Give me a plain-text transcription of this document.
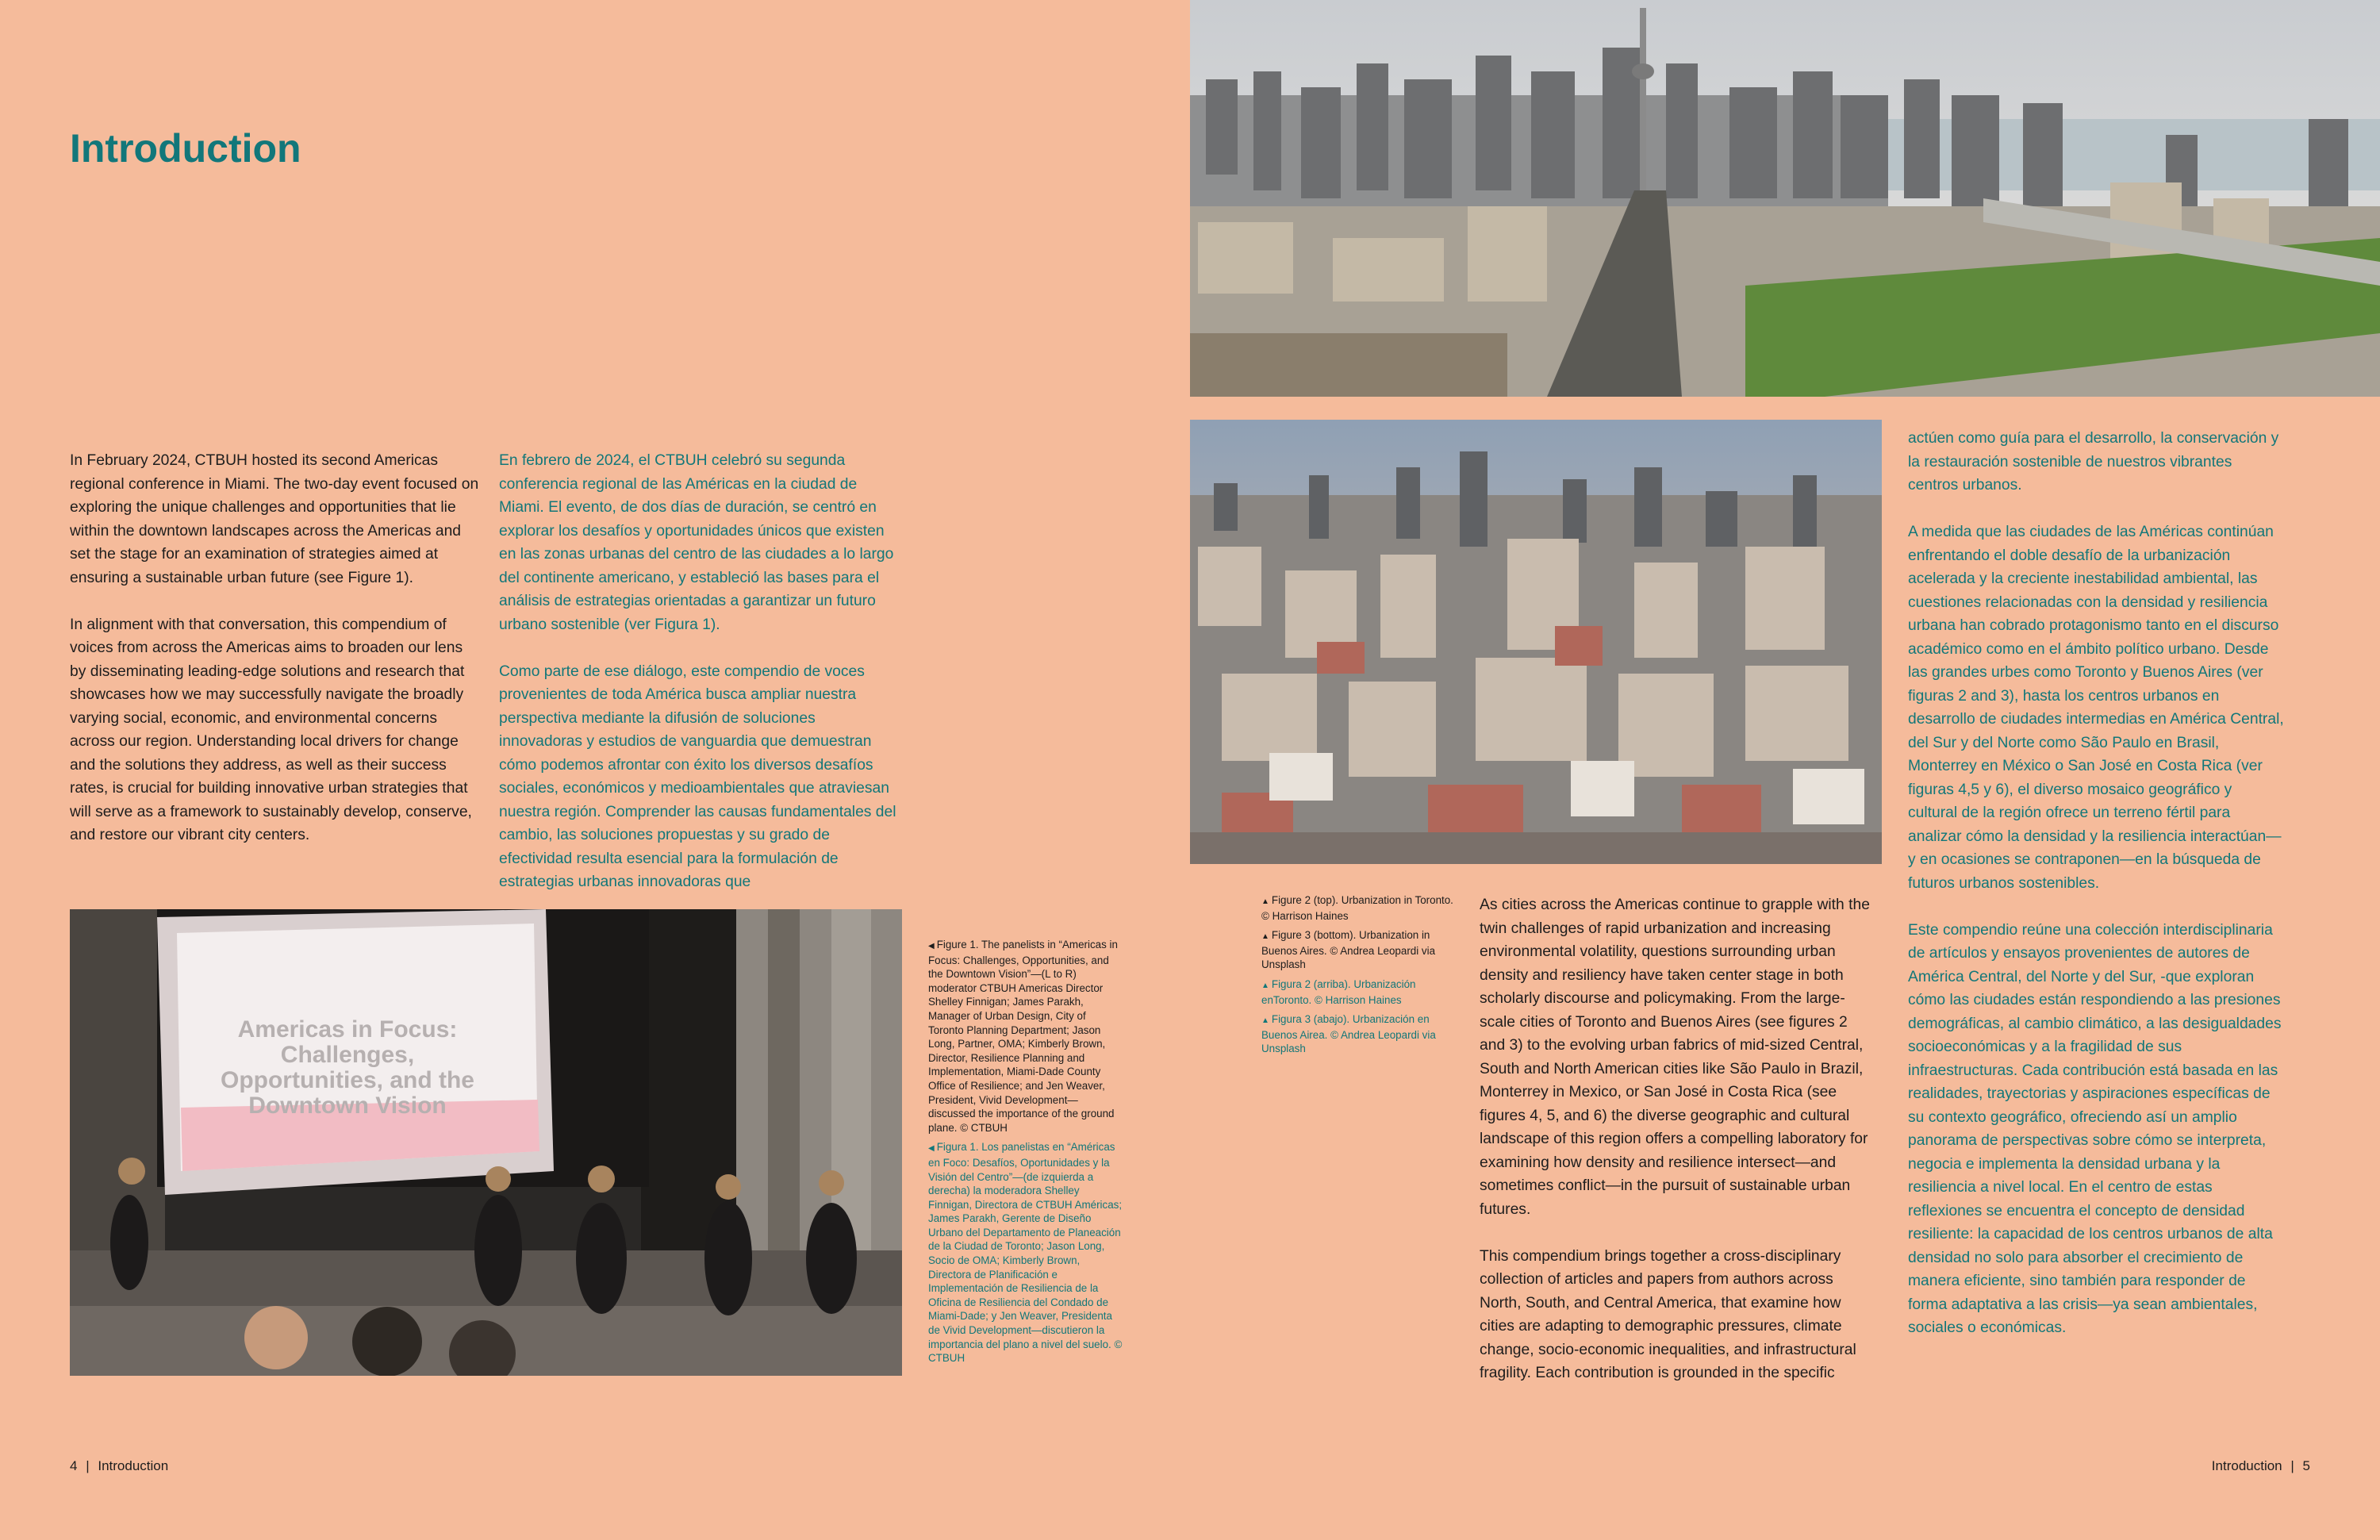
Introduction

In February 2024, CTBUH hosted its second Americas regional conference in Miami. The two-day event focused on exploring the unique challenges and opportunities that lie within the downtown landscapes across the Americas and set the stage for an examination of strategies aimed at ensuring a sustainable urban future (see Figure 1).

In alignment with that conversation, this compendium of voices from across the Americas aims to broaden our lens by disseminating leading-edge solutions and research that showcases how we may successfully navigate the broadly varying social, economic, and environmental concerns across our region. Understanding local drivers for change and the solutions they address, as well as their success rates, is crucial for building innovative urban strategies that will serve as a framework to sustainably develop, conserve, and restore our vibrant city centers.

En febrero de 2024, el CTBUH celebró su segunda conferencia regional de las Américas en la ciudad de Miami. El evento, de dos días de duración, se centró en explorar los desafíos y oportunidades únicos que existen en las zonas urbanas del centro de las ciudades a lo largo del continente americano, y estableció las bases para el análisis de estrategias orientadas a garantizar un futuro urbano sostenible (ver Figura 1).

Como parte de ese diálogo, este compendio de voces provenientes de toda América busca ampliar nuestra perspectiva mediante la difusión de soluciones innovadoras y estudios de vanguardia que demuestran cómo podemos afrontar con éxito los diversos desafíos sociales, económicos y medioambientales que atraviesan nuestra región. Comprender las causas fundamentales del cambio, las soluciones propuestas y su grado de efectividad resulta esencial para la formulación de estrategias urbanas innovadoras que

Americas in Focus: Challenges, Opportunities, and the Downtown Vision

◀ Figure 1. The panelists in “Americas in Focus: Challenges, Opportunities, and the Downtown Vision”—(L to R) moderator CTBUH Americas Director Shelley Finnigan; James Parakh, Manager of Urban Design, City of Toronto Planning Department; Jason Long, Partner, OMA; Kimberly Brown, Director, Resilience Planning and Implementation, Miami-Dade County Office of Resilience; and Jen Weaver, President, Vivid Development—discussed the importance of the ground plane. © CTBUH

◀ Figura 1. Los panelistas en “Américas en Foco: Desafíos, Oportunidades y la Visión del Centro”—(de izquierda a derecha) la moderadora Shelley Finnigan, Directora de CTBUH Américas; James Parakh, Gerente de Diseño Urbano del Departamento de Planeación de la Ciudad de Toronto; Jason Long, Socio de OMA; Kimberly Brown, Directora de Planificación e Implementación de Resiliencia de la Oficina de Resiliencia del Condado de Miami-Dade; y Jen Weaver, Presidenta de Vivid Development—discutieron la importancia del plano a nivel del suelo. © CTBUH

▲ Figure 2 (top). Urbanization in Toronto. © Harrison Haines

▲ Figure 3 (bottom). Urbanization in Buenos Aires. © Andrea Leopardi via Unsplash

▲ Figura 2 (arriba). Urbanización enToronto. © Harrison Haines

▲ Figura 3 (abajo). Urbanización en Buenos Airea. © Andrea Leopardi via Unsplash

As cities across the Americas continue to grapple with the twin challenges of rapid urbanization and increasing environmental volatility, questions surrounding urban density and resiliency have taken center stage in both scholarly discourse and policymaking. From the large-scale cities of Toronto and Buenos Aires (see figures 2 and 3) to the evolving urban fabrics of mid-sized Central, South and North American cities like São Paulo in Brazil, Monterrey in Mexico, or San José in Costa Rica (see figures 4, 5, and 6) the diverse geographic and cultural landscape of this region offers a compelling laboratory for examining how density and resilience intersect—and sometimes conflict—in the pursuit of sustainable urban futures.

This compendium brings together a cross-disciplinary collection of articles and papers from authors across North, South, and Central America, that examine how cities are adapting to demographic pressures, climate change, socio-economic inequalities, and infrastructural fragility. Each contribution is grounded in the specific

actúen como guía para el desarrollo, la conservación y la restauración sostenible de nuestros vibrantes centros urbanos.

A medida que las ciudades de las Américas continúan enfrentando el doble desafío de la urbanización acelerada y la creciente inestabilidad ambiental, las cuestiones relacionadas con la densidad y resiliencia urbana han cobrado protagonismo tanto en el discurso académico como en el ámbito político urbano. Desde las grandes urbes como Toronto y Buenos Aires (ver figuras 2 and 3), hasta los centros urbanos en desarrollo de ciudades intermedias en América Central, del Sur y del Norte como São Paulo en Brasil, Monterrey en México o San José en Costa Rica (ver figuras 4,5 y 6), el diverso mosaico geográfico y cultural de la región ofrece un terreno fértil para analizar cómo la densidad y la resiliencia interactúan—y en ocasiones se contraponen—en la búsqueda de futuros urbanos sostenibles.

Este compendio reúne una colección interdisciplinaria de artículos y ensayos provenientes de autores de América Central, del Norte y del Sur, -que exploran cómo las ciudades están respondiendo a las presiones demográficas, al cambio climático, a las desigualdades socioeconómicas y a la fragilidad de sus infraestructuras. Cada contribución está basada en las realidades, trayectorias y aspiraciones específicas de su contexto geográfico, ofreciendo así un amplio panorama de perspectivas sobre cómo se interpreta, negocia e implementa la densidad urbana y la resiliencia a nivel local. En el centro de estas reflexiones se encuentra el concepto de densidad resiliente: la capacidad de los centros urbanos de alta densidad no solo para absorber el crecimiento de manera eficiente, sino también para responder de forma adaptativa a las crisis—ya sean ambientales, sociales o económicas.

4 | Introduction	Introduction | 5
